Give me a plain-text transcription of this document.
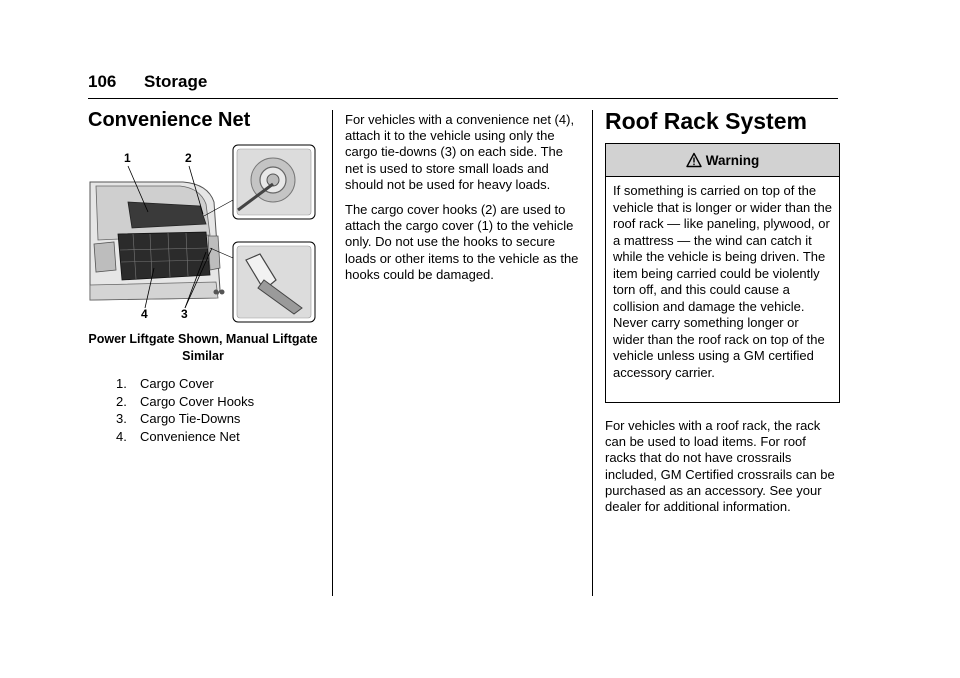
106 Storage
Convenience Net
1	2
3
4
Power Liftgate Shown, Manual Liftgate Similar
1. Cargo Cover
2. Cargo Cover Hooks
3. Cargo Tie-Downs
4. Convenience Net

For vehicles with a convenience net (4), attach it to the vehicle using only the cargo tie-downs (3) on each side. The net is used to store small loads and should not be used for heavy loads.

The cargo cover hooks (2) are used to attach the cargo cover (1) to the vehicle only. Do not use the hooks to secure loads or other items to the vehicle as the hooks could be damaged.

Roof Rack System
Warning
If something is carried on top of the vehicle that is longer or wider than the roof rack — like paneling, plywood, or a mattress — the wind can catch it while the vehicle is being driven. The item being carried could be violently torn off, and this could cause a collision and damage the vehicle. Never carry something longer or wider than the roof rack on top of the vehicle unless using a GM certified accessory carrier.

For vehicles with a roof rack, the rack can be used to load items. For roof racks that do not have crossrails included, GM Certified crossrails can be purchased as an accessory. See your dealer for additional information.
